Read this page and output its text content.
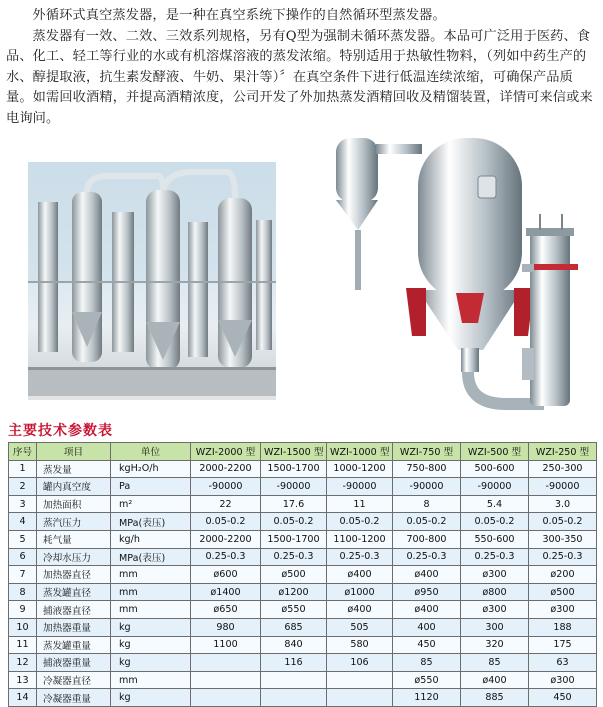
外循环式真空蒸发器，是一种在真空系统下操作的自然循环型蒸发器。

蒸发器有一效、二效、三效系列规格，另有Q型为强制未循环蒸发器。本品可广泛用于医药、食品、化工、轻工等行业的水或有机溶煤溶液的蒸发浓缩。特别适用于热敏性物料，（列如中药生产的水、醇提取液，抗生素发酵液、牛奶、果汁等）〞在真空条件下进行低温连续浓缩，可确保产品质量。如需回收酒精，并提高酒精浓度，公司开发了外加热蒸发酒精回收及精馏装置，详情可来信或来电询问。

主要技术参数表
序号	项目	单位	WZI-2000 型	WZI-1500 型	WZI-1000 型	WZI-750 型	WZI-500 型	WZI-250 型
1	蒸发量	kgH₂O/h	2000-2200	1500-1700	1000-1200	750-800	500-600	250-300
2	罐内真空度	Pa	-90000	-90000	-90000	-90000	-90000	-90000
3	加热面积	m²	22	17.6	11	8	5.4	3.0
4	蒸汽压力	MPa(表压)	0.05-0.2	0.05-0.2	0.05-0.2	0.05-0.2	0.05-0.2	0.05-0.2
5	耗气量	kg/h	2000-2200	1500-1700	1100-1200	700-800	550-600	300-350
6	冷却水压力	MPa(表压)	0.25-0.3	0.25-0.3	0.25-0.3	0.25-0.3	0.25-0.3	0.25-0.3
7	加热器直径	mm	ø600	ø500	ø400	ø400	ø300	ø200
8	蒸发罐直径	mm	ø1400	ø1200	ø1000	ø950	ø800	ø500
9	捕液器直径	mm	ø650	ø550	ø400	ø400	ø300	ø300
10	加热器重量	kg	980	685	505	400	300	188
11	蒸发罐重量	kg	1100	840	580	450	320	175
12	捕液器重量	kg		116	106	85	85	63
13	冷凝器直径	mm				ø550	ø400	ø300
14	冷凝器重量	kg				1120	885	450
